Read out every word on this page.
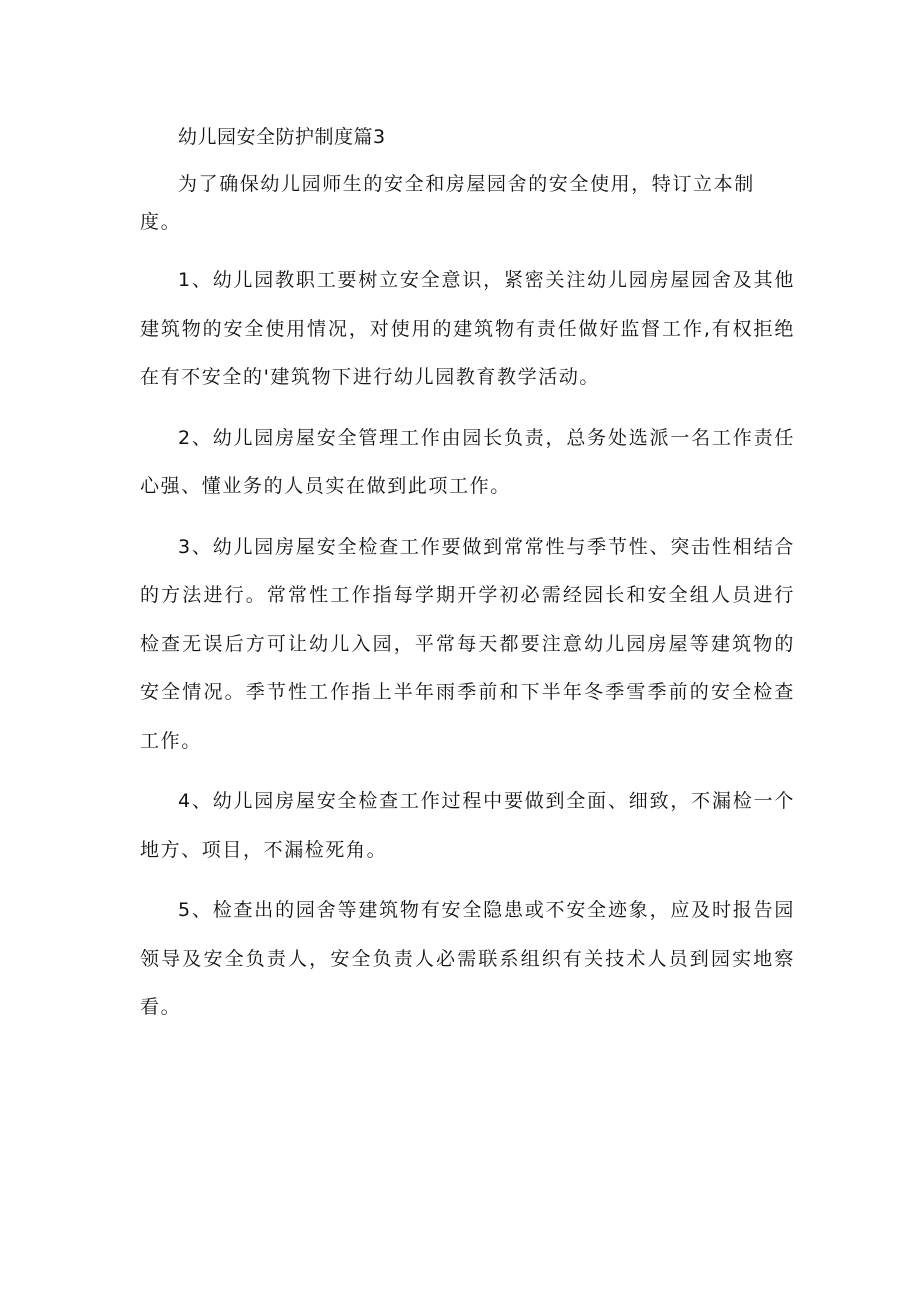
幼儿园安全防护制度篇3

为了确保幼儿园师生的安全和房屋园舍的安全使用，特订立本制度。

1、幼儿园教职工要树立安全意识，紧密关注幼儿园房屋园舍及其他建筑物的安全使用情况，对使用的建筑物有责任做好监督工作,有权拒绝在有不安全的'建筑物下进行幼儿园教育教学活动。

2、幼儿园房屋安全管理工作由园长负责，总务处选派一名工作责任心强、懂业务的人员实在做到此项工作。

3、幼儿园房屋安全检查工作要做到常常性与季节性、突击性相结合的方法进行。常常性工作指每学期开学初必需经园长和安全组人员进行检查无误后方可让幼儿入园，平常每天都要注意幼儿园房屋等建筑物的安全情况。季节性工作指上半年雨季前和下半年冬季雪季前的安全检查工作。

4、幼儿园房屋安全检查工作过程中要做到全面、细致，不漏检一个地方、项目，不漏检死角。

5、检查出的园舍等建筑物有安全隐患或不安全迹象，应及时报告园领导及安全负责人，安全负责人必需联系组织有关技术人员到园实地察看。
